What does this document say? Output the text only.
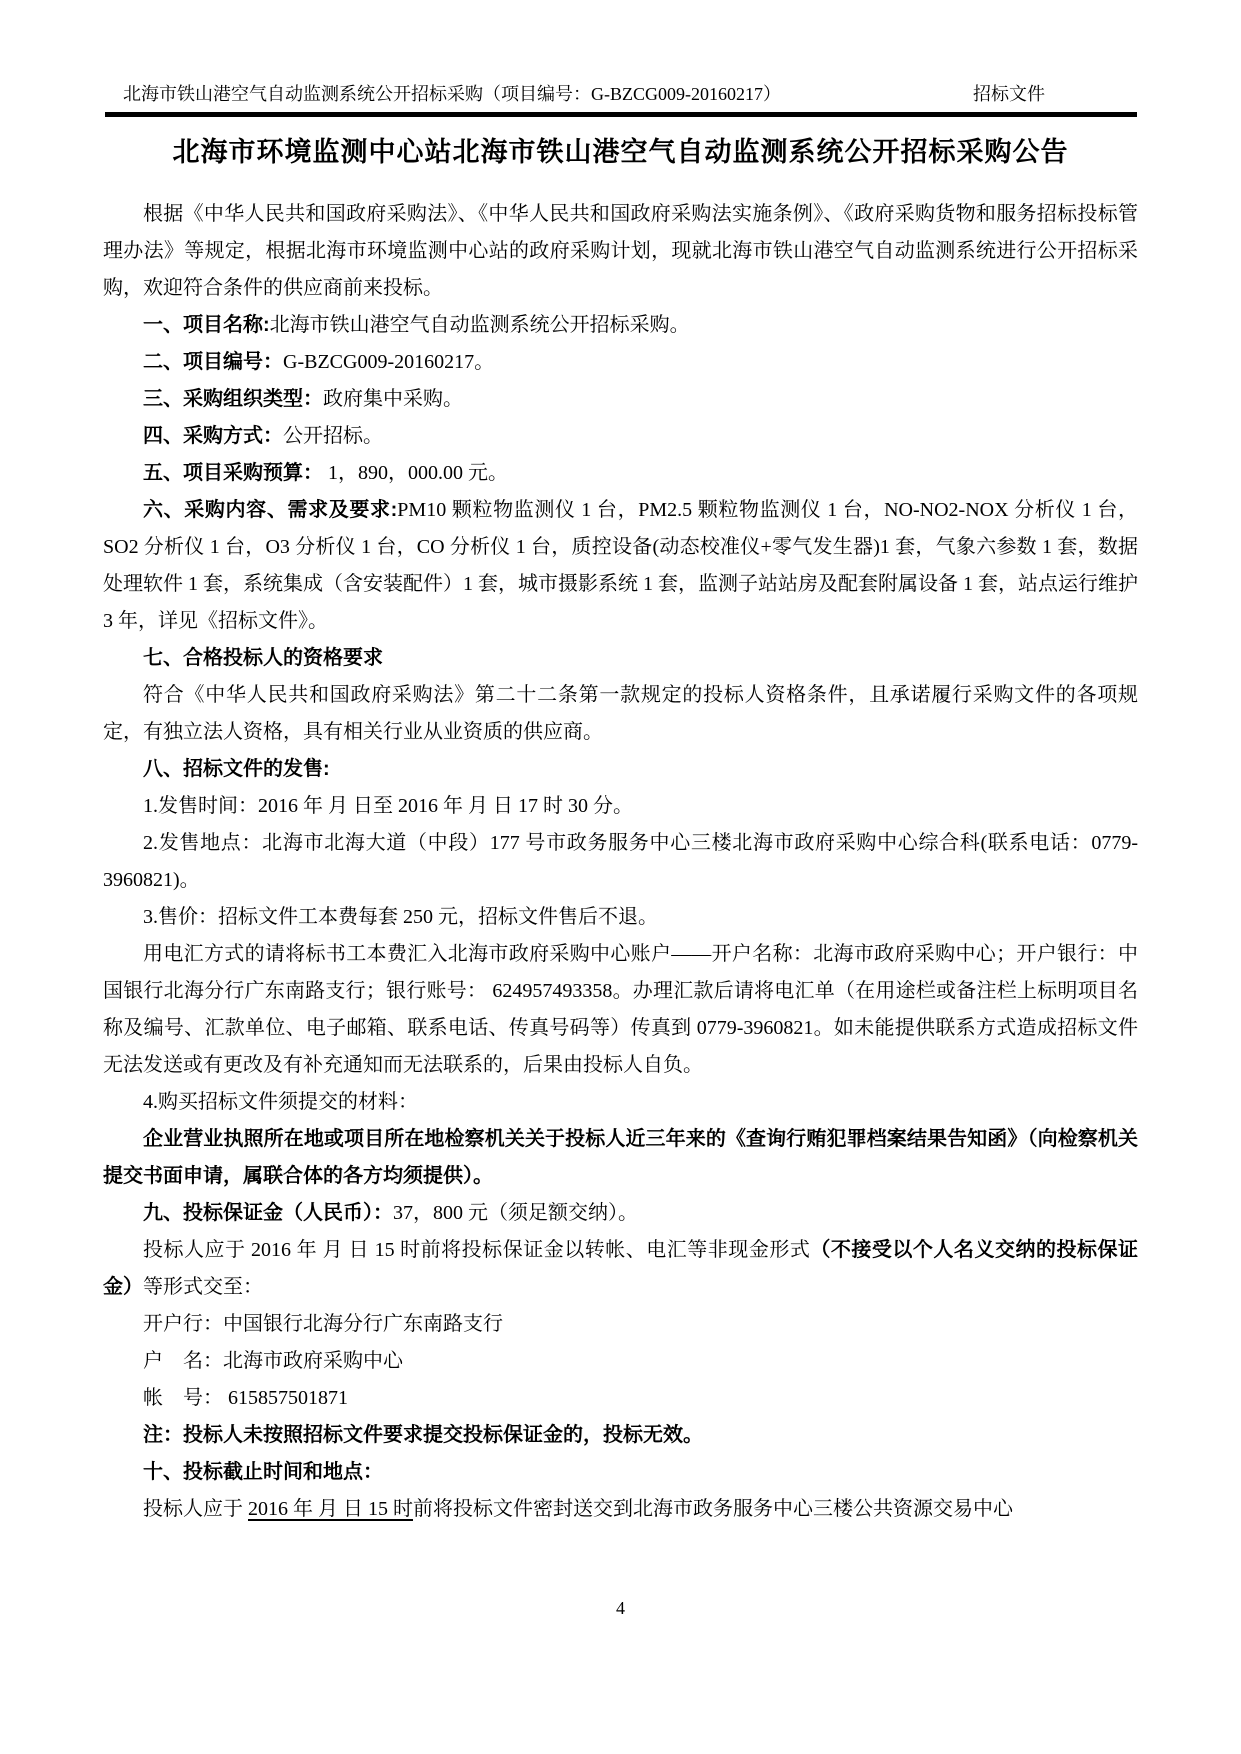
北海市铁山港空气自动监测系统公开招标采购（项目编号：G-BZCG009-20160217）	招标文件
北海市环境监测中心站北海市铁山港空气自动监测系统公开招标采购公告

根据《中华人民共和国政府采购法》、《中华人民共和国政府采购法实施条例》、《政府采购货物和服务招标投标管理办法》等规定，根据北海市环境监测中心站的政府采购计划，现就北海市铁山港空气自动监测系统进行公开招标采购，欢迎符合条件的供应商前来投标。

一、项目名称:北海市铁山港空气自动监测系统公开招标采购。

二、项目编号：G-BZCG009-20160217。

三、采购组织类型：政府集中采购。

四、采购方式：公开招标。

五、项目采购预算： 1，890，000.00 元。

六、采购内容、需求及要求:PM10 颗粒物监测仪 1 台，PM2.5 颗粒物监测仪 1 台，NO-NO2-NOX 分析仪 1 台，SO2 分析仪 1 台，O3 分析仪 1 台，CO 分析仪 1 台，质控设备(动态校准仪+零气发生器)1 套，气象六参数 1 套，数据处理软件 1 套，系统集成（含安装配件）1 套，城市摄影系统 1 套，监测子站站房及配套附属设备 1 套，站点运行维护 3 年，详见《招标文件》。

七、合格投标人的资格要求

符合《中华人民共和国政府采购法》第二十二条第一款规定的投标人资格条件，且承诺履行采购文件的各项规定，有独立法人资格，具有相关行业从业资质的供应商。

八、招标文件的发售:

1.发售时间：2016 年 月 日至 2016 年 月 日 17 时 30 分。

2.发售地点：北海市北海大道（中段）177 号市政务服务中心三楼北海市政府采购中心综合科(联系电话：0779-3960821)。

3.售价：招标文件工本费每套 250 元，招标文件售后不退。

用电汇方式的请将标书工本费汇入北海市政府采购中心账户——开户名称：北海市政府采购中心；开户银行：中国银行北海分行广东南路支行；银行账号： 624957493358。办理汇款后请将电汇单（在用途栏或备注栏上标明项目名称及编号、汇款单位、电子邮箱、联系电话、传真号码等）传真到 0779-3960821。如未能提供联系方式造成招标文件无法发送或有更改及有补充通知而无法联系的，后果由投标人自负。

4.购买招标文件须提交的材料：

企业营业执照所在地或项目所在地检察机关关于投标人近三年来的《查询行贿犯罪档案结果告知函》（向检察机关提交书面申请，属联合体的各方均须提供）。

九、投标保证金（人民币）：37，800 元（须足额交纳）。

投标人应于 2016 年 月 日 15 时前将投标保证金以转帐、电汇等非现金形式（不接受以个人名义交纳的投标保证金）等形式交至：

开户行：中国银行北海分行广东南路支行

户　名：北海市政府采购中心

帐　号： 615857501871

注：投标人未按照招标文件要求提交投标保证金的，投标无效。

十、投标截止时间和地点：

投标人应于 2016 年 月 日 15 时前将投标文件密封送交到北海市政务服务中心三楼公共资源交易中心

4
